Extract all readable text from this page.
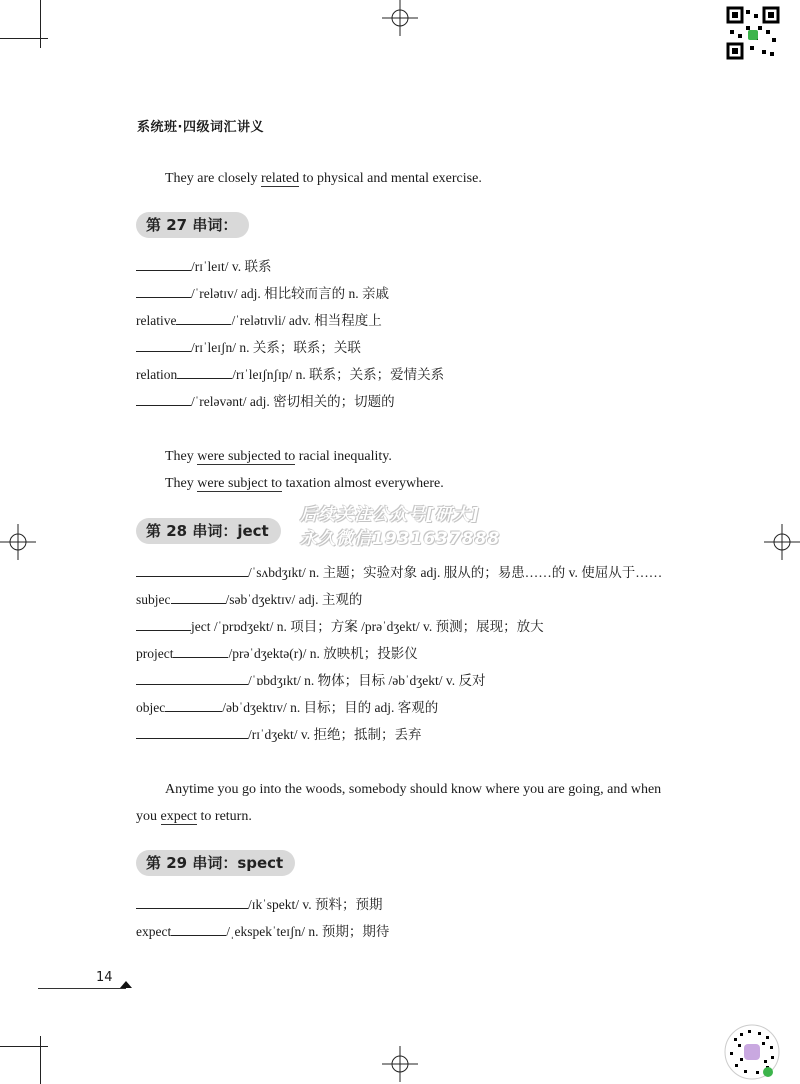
系统班·四级词汇讲义
They are closely related to physical and mental exercise.
第 27 串词：
/rɪˈleɪt/ v. 联系
/ˈrelətɪv/ adj. 相比较而言的 n. 亲戚
relative	/ˈrelətɪvli/ adv. 相当程度上
/rɪˈleɪʃn/ n. 关系；联系；关联
relation	/rɪˈleɪʃnʃɪp/ n. 联系；关系；爱情关系
/ˈreləvənt/ adj. 密切相关的；切题的
They were subjected to racial inequality.
They were subject to taxation almost everywhere.
后续关注公众号[研大]
永久微信1931637888
第 28 串词：ject
/ˈsʌbdʒɪkt/ n. 主题；实验对象 adj. 服从的；易患……的 v. 使屈从于……
subjec	/səbˈdʒektɪv/ adj. 主观的
ject /ˈprɒdʒekt/ n. 项目；方案 /prəˈdʒekt/ v. 预测；展现；放大
project	/prəˈdʒektə(r)/ n. 放映机；投影仪
/ˈɒbdʒɪkt/ n. 物体；目标 /əbˈdʒekt/ v. 反对
objec	/əbˈdʒektɪv/ n. 目标；目的 adj. 客观的
/rɪˈdʒekt/ v. 拒绝；抵制；丢弃
Anytime you go into the woods, somebody should know where you are going, and when
you expect to return.
第 29 串词：spect
/ɪkˈspekt/ v. 预料；预期
expect	/ˌekspekˈteɪʃn/ n. 预期；期待
14
